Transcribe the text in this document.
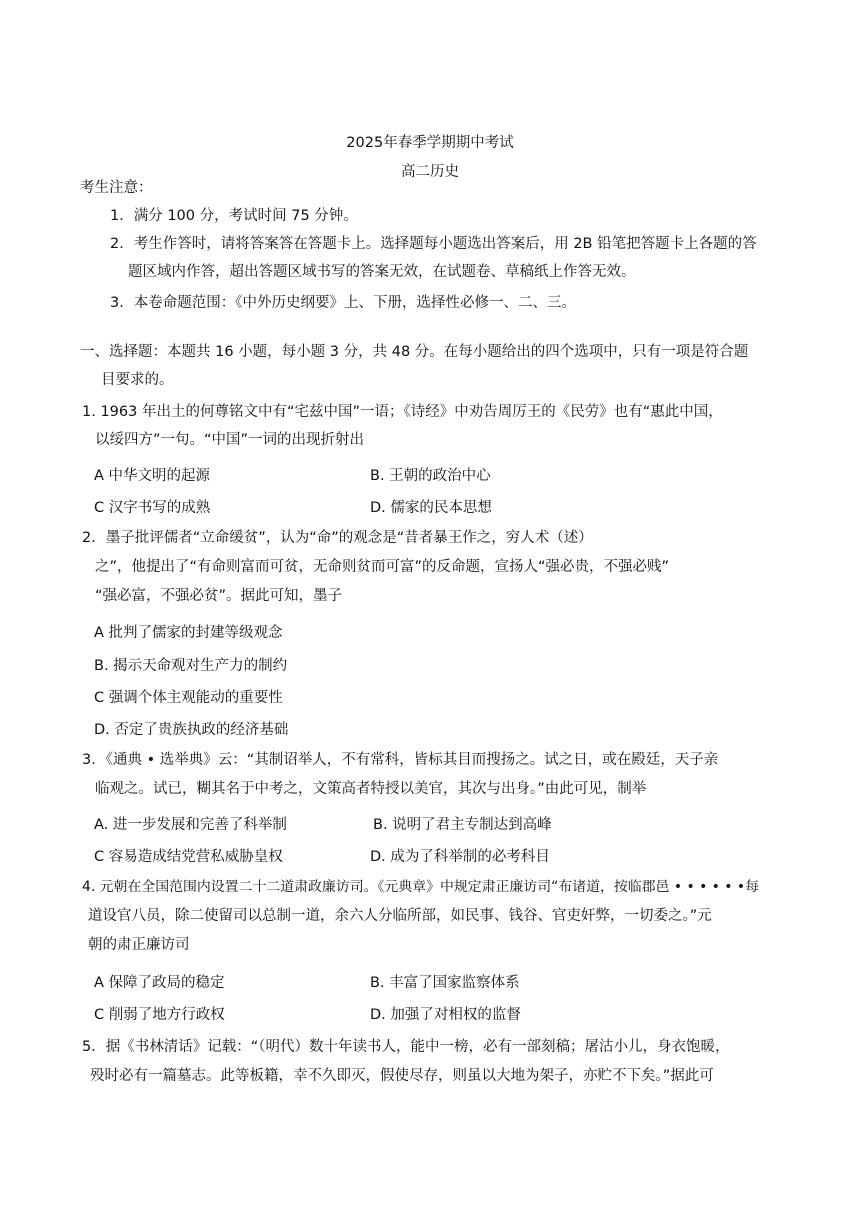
2025年春季学期期中考试
高二历史
考生注意：
1．满分 100 分，考试时间 75 分钟。
2．考生作答时，请将答案答在答题卡上。选择题每小题选出答案后，用 2B 铅笔把答题卡上各题的答
题区域内作答，超出答题区域书写的答案无效，在试题卷、草稿纸上作答无效。
3．本卷命题范围：《中外历史纲要》上、下册，选择性必修一、二、三。
一、选择题：本题共 16 小题，每小题 3 分，共 48 分。在每小题给出的四个选项中，只有一项是符合题
目要求的。
1. 1963 年出土的何尊铭文中有“宅兹中国”一语；《诗经》中劝告周厉王的《民劳》也有“惠此中国，
以绥四方”一句。“中国”一词的出现折射出
A 中华文明的起源	B. 王朝的政治中心
C 汉字书写的成熟	D. 儒家的民本思想
2．墨子批评儒者“立命缓贫”，认为“命”的观念是“昔者暴王作之，穷人术（述）
之”，他提出了“有命则富而可贫，无命则贫而可富”的反命题，宣扬人“强必贵，不强必贱”
“强必富，不强必贫”。据此可知，墨子
A 批判了儒家的封建等级观念
B. 揭示天命观对生产力的制约
C 强调个体主观能动的重要性
D. 否定了贵族执政的经济基础
3．《通典 • 选举典》云：“其制诏举人，不有常科，皆标其目而搜扬之。试之日，或在殿廷，天子亲
临观之。试已，糊其名于中考之，文策高者特授以美官，其次与出身。”由此可见，制举
A. 进一步发展和完善了科举制	B. 说明了君主专制达到高峰
C 容易造成结党营私威胁皇权	D. 成为了科举制的必考科目
4. 元朝在全国范围内设置二十二道肃政廉访司。《元典章》中规定肃正廉访司“布诸道，按临郡邑 • • • • • •每
道设官八员，除二使留司以总制一道，余六人分临所部，如民事、钱谷、官吏奸弊，一切委之。”元
朝的肃正廉访司
A 保障了政局的稳定	B. 丰富了国家监察体系
C 削弱了地方行政权	D. 加强了对相权的监督
5．据《书林清话》记载：“（明代）数十年读书人，能中一榜，必有一部刻稿；屠沽小儿，身衣饱暖，
殁时必有一篇墓志。此等板籍，幸不久即灭，假使尽存，则虽以大地为架子，亦贮不下矣。”据此可
